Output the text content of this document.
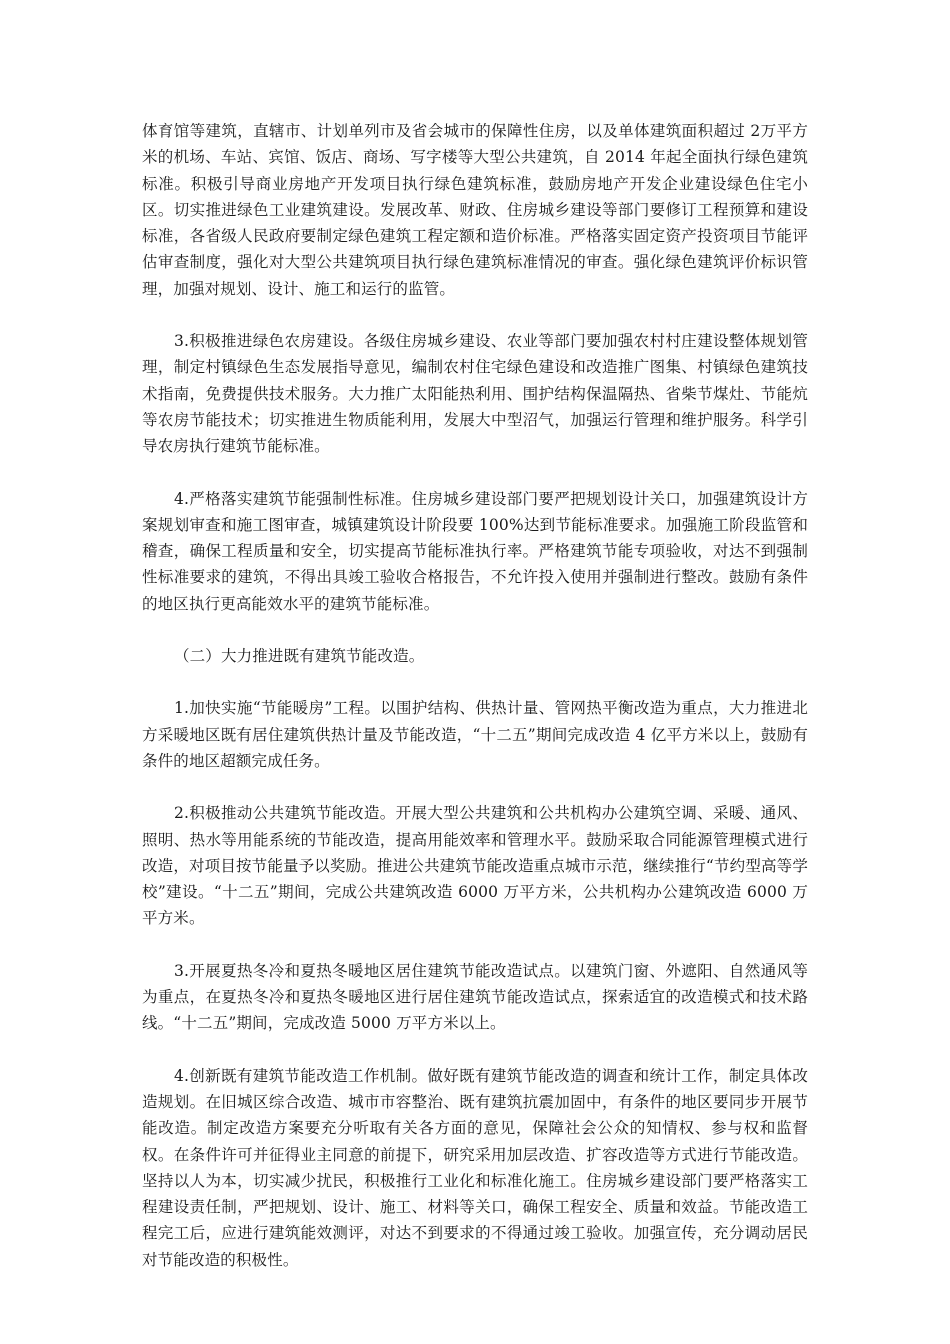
体育馆等建筑，直辖市、计划单列市及省会城市的保障性住房，以及单体建筑面积超过 2万平方米的机场、车站、宾馆、饭店、商场、写字楼等大型公共建筑，自 2014 年起全面执行绿色建筑标准。积极引导商业房地产开发项目执行绿色建筑标准，鼓励房地产开发企业建设绿色住宅小区。切实推进绿色工业建筑建设。发展改革、财政、住房城乡建设等部门要修订工程预算和建设标准，各省级人民政府要制定绿色建筑工程定额和造价标准。严格落实固定资产投资项目节能评估审查制度，强化对大型公共建筑项目执行绿色建筑标准情况的审查。强化绿色建筑评价标识管理，加强对规划、设计、施工和运行的监管。

3.积极推进绿色农房建设。各级住房城乡建设、农业等部门要加强农村村庄建设整体规划管理，制定村镇绿色生态发展指导意见，编制农村住宅绿色建设和改造推广图集、村镇绿色建筑技术指南，免费提供技术服务。大力推广太阳能热利用、围护结构保温隔热、省柴节煤灶、节能炕等农房节能技术；切实推进生物质能利用，发展大中型沼气，加强运行管理和维护服务。科学引导农房执行建筑节能标准。

4.严格落实建筑节能强制性标准。住房城乡建设部门要严把规划设计关口，加强建筑设计方案规划审查和施工图审查，城镇建筑设计阶段要 100%达到节能标准要求。加强施工阶段监管和稽查，确保工程质量和安全，切实提高节能标准执行率。严格建筑节能专项验收，对达不到强制性标准要求的建筑，不得出具竣工验收合格报告，不允许投入使用并强制进行整改。鼓励有条件的地区执行更高能效水平的建筑节能标准。

（二）大力推进既有建筑节能改造。

1.加快实施“节能暖房”工程。以围护结构、供热计量、管网热平衡改造为重点，大力推进北方采暖地区既有居住建筑供热计量及节能改造，“十二五”期间完成改造 4 亿平方米以上，鼓励有条件的地区超额完成任务。

2.积极推动公共建筑节能改造。开展大型公共建筑和公共机构办公建筑空调、采暖、通风、照明、热水等用能系统的节能改造，提高用能效率和管理水平。鼓励采取合同能源管理模式进行改造，对项目按节能量予以奖励。推进公共建筑节能改造重点城市示范，继续推行“节约型高等学校”建设。“十二五”期间，完成公共建筑改造 6000 万平方米，公共机构办公建筑改造 6000 万平方米。

3.开展夏热冬冷和夏热冬暖地区居住建筑节能改造试点。以建筑门窗、外遮阳、自然通风等为重点，在夏热冬冷和夏热冬暖地区进行居住建筑节能改造试点，探索适宜的改造模式和技术路线。“十二五”期间，完成改造 5000 万平方米以上。

4.创新既有建筑节能改造工作机制。做好既有建筑节能改造的调查和统计工作，制定具体改造规划。在旧城区综合改造、城市市容整治、既有建筑抗震加固中，有条件的地区要同步开展节能改造。制定改造方案要充分听取有关各方面的意见，保障社会公众的知情权、参与权和监督权。在条件许可并征得业主同意的前提下，研究采用加层改造、扩容改造等方式进行节能改造。坚持以人为本，切实减少扰民，积极推行工业化和标准化施工。住房城乡建设部门要严格落实工程建设责任制，严把规划、设计、施工、材料等关口，确保工程安全、质量和效益。节能改造工程完工后，应进行建筑能效测评，对达不到要求的不得通过竣工验收。加强宣传，充分调动居民对节能改造的积极性。
